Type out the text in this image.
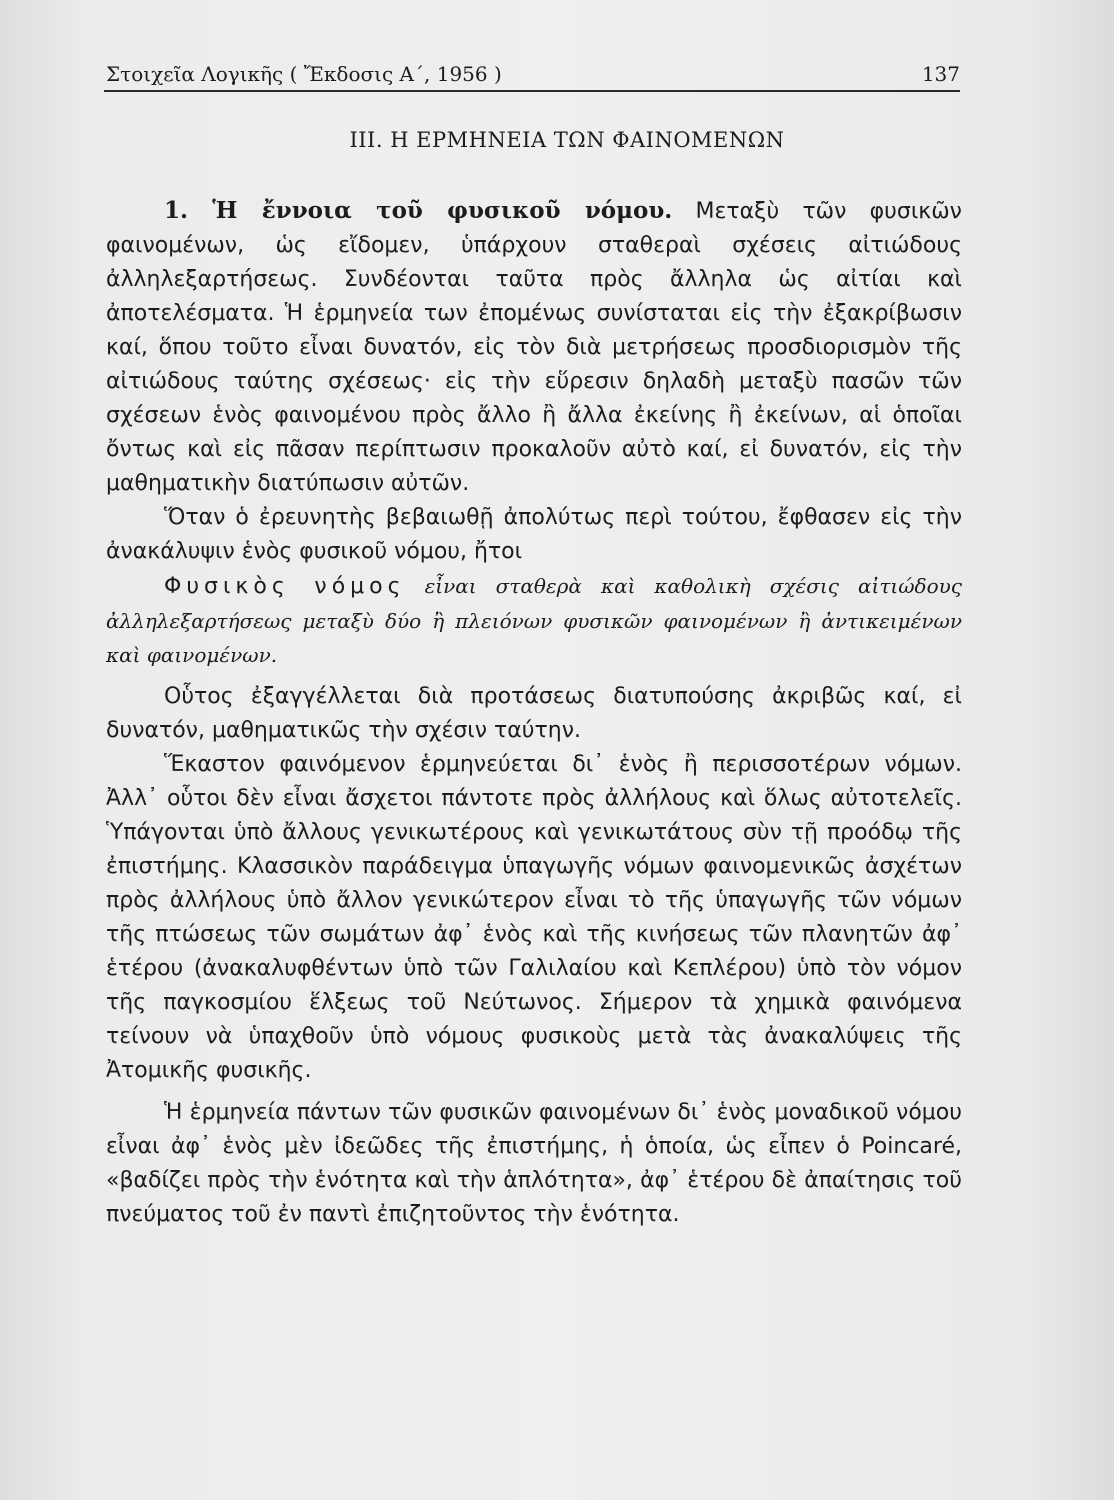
Στοιχεῖα Λογικῆς ( Ἔκδοσις Α΄, 1956 )	137
ΙΙΙ. Η ΕΡΜΗΝΕΙΑ ΤΩΝ ΦΑΙΝΟΜΕΝΩΝ

1. Ἡ ἔννοια τοῦ φυσικοῦ νόμου. Μεταξὺ τῶν φυσικῶν φαινομένων, ὡς εἴδομεν, ὑπάρχουν σταθεραὶ σχέσεις αἰτιώδους ἀλληλεξαρτήσεως. Συνδέονται ταῦτα πρὸς ἄλληλα ὡς αἰτίαι καὶ ἀποτελέσματα. Ἡ ἑρμηνεία των ἐπομένως συνίσταται εἰς τὴν ἐξακρίβωσιν καί, ὅπου τοῦτο εἶναι δυνατόν, εἰς τὸν διὰ μετρήσεως προσδιορισμὸν τῆς αἰτιώδους ταύτης σχέσεως· εἰς τὴν εὕρεσιν δηλαδὴ μεταξὺ πασῶν τῶν σχέσεων ἑνὸς φαινομένου πρὸς ἄλλο ἢ ἄλλα ἐκείνης ἢ ἐκείνων, αἱ ὁποῖαι ὄντως καὶ εἰς πᾶσαν περίπτωσιν προκαλοῦν αὐτὸ καί, εἰ δυνατόν, εἰς τὴν μαθηματικὴν διατύπωσιν αὐτῶν.

Ὅταν ὁ ἐρευνητὴς βεβαιωθῇ ἀπολύτως περὶ τούτου, ἔφθασεν εἰς τὴν ἀνακάλυψιν ἑνὸς φυσικοῦ νόμου, ἤτοι

Φυσικὸς νόμος εἶναι σταθερὰ καὶ καθολικὴ σχέσις αἰτιώδους ἀλληλεξαρτήσεως μεταξὺ δύο ἢ πλειόνων φυσικῶν φαινομένων ἢ ἀντικειμένων καὶ φαινομένων.

Οὗτος ἐξαγγέλλεται διὰ προτάσεως διατυπούσης ἀκριβῶς καί, εἰ δυνατόν, μαθηματικῶς τὴν σχέσιν ταύτην.

Ἕκαστον φαινόμενον ἑρμηνεύεται δι᾽ ἑνὸς ἢ περισσοτέρων νόμων. Ἀλλ᾽ οὗτοι δὲν εἶναι ἄσχετοι πάντοτε πρὸς ἀλλήλους καὶ ὅλως αὐτοτελεῖς. Ὑπάγονται ὑπὸ ἄλλους γενικωτέρους καὶ γενικωτάτους σὺν τῇ προόδῳ τῆς ἐπιστήμης. Κλασσικὸν παράδειγμα ὑπαγωγῆς νόμων φαινομενικῶς ἀσχέτων πρὸς ἀλλήλους ὑπὸ ἄλλον γενικώτερον εἶναι τὸ τῆς ὑπαγωγῆς τῶν νόμων τῆς πτώσεως τῶν σωμάτων ἀφ᾽ ἑνὸς καὶ τῆς κινήσεως τῶν πλανητῶν ἀφ᾽ ἑτέρου (ἀνακαλυφθέντων ὑπὸ τῶν Γαλιλαίου καὶ Κεπλέρου) ὑπὸ τὸν νόμον τῆς παγκοσμίου ἕλξεως τοῦ Νεύτωνος. Σήμερον τὰ χημικὰ φαινόμενα τείνουν νὰ ὑπαχθοῦν ὑπὸ νόμους φυσικοὺς μετὰ τὰς ἀνακαλύψεις τῆς Ἀτομικῆς φυσικῆς.

Ἡ ἑρμηνεία πάντων τῶν φυσικῶν φαινομένων δι᾽ ἑνὸς μοναδικοῦ νόμου εἶναι ἀφ᾽ ἑνὸς μὲν ἰδεῶδες τῆς ἐπιστήμης, ἡ ὁποία, ὡς εἶπεν ὁ Poincaré, «βαδίζει πρὸς τὴν ἑνότητα καὶ τὴν ἁπλότητα», ἀφ᾽ ἑτέρου δὲ ἀπαίτησις τοῦ πνεύματος τοῦ ἐν παντὶ ἐπιζητοῦντος τὴν ἑνότητα.
